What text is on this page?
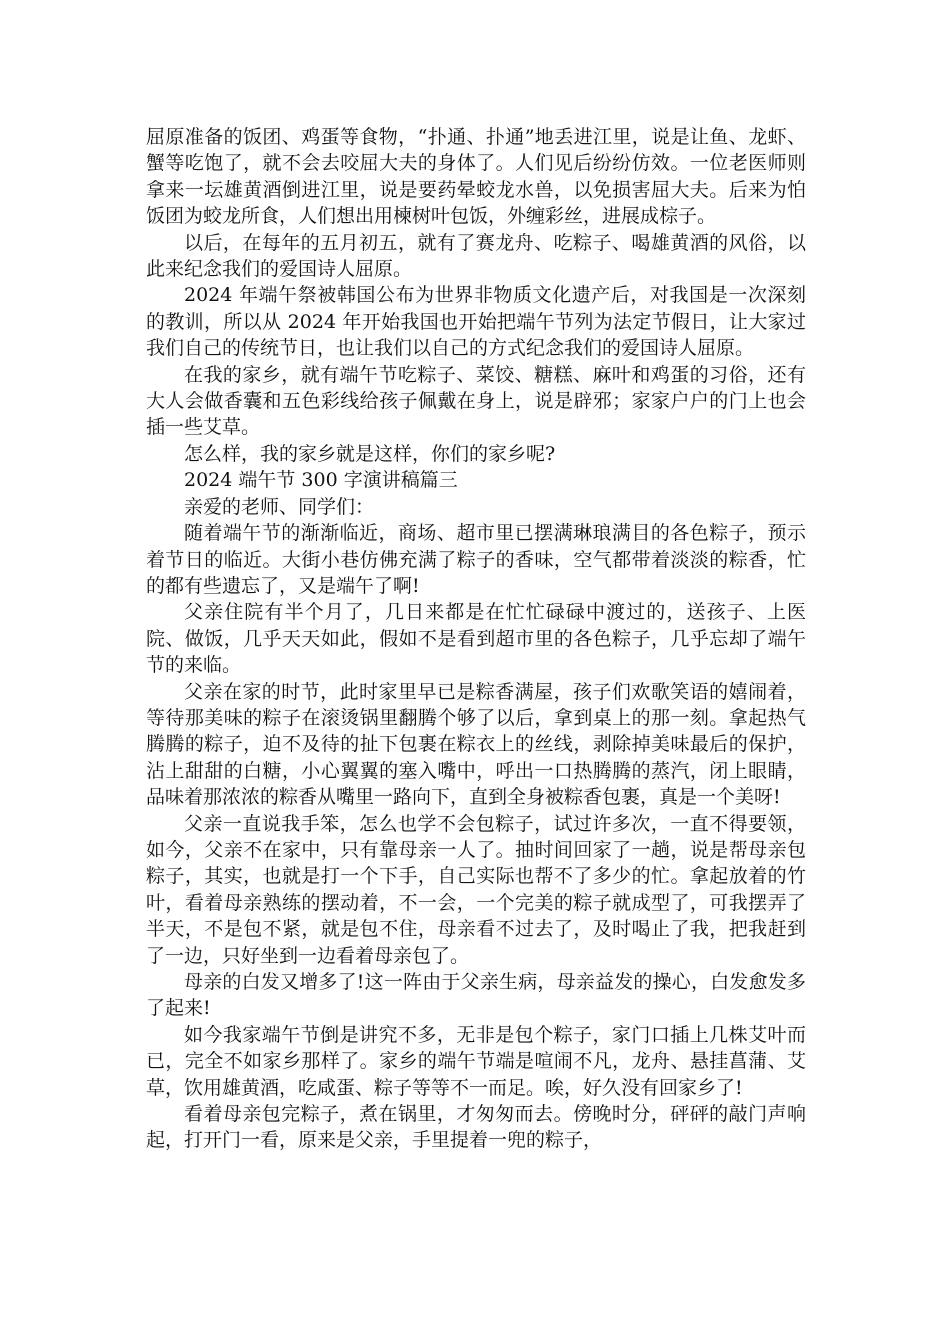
屈原准备的饭团、鸡蛋等食物，“扑通、扑通”地丢进江里，说是让鱼、龙虾、蟹等吃饱了，就不会去咬屈大夫的身体了。人们见后纷纷仿效。一位老医师则拿来一坛雄黄酒倒进江里，说是要药晕蛟龙水兽，以免损害屈大夫。后来为怕饭团为蛟龙所食，人们想出用楝树叶包饭，外缠彩丝，进展成棕子。

以后，在每年的五月初五，就有了赛龙舟、吃粽子、喝雄黄酒的风俗，以此来纪念我们的爱国诗人屈原。

2024 年端午祭被韩国公布为世界非物质文化遗产后，对我国是一次深刻的教训，所以从 2024 年开始我国也开始把端午节列为法定节假日，让大家过我们自己的传统节日，也让我们以自己的方式纪念我们的爱国诗人屈原。

在我的家乡，就有端午节吃粽子、菜饺、糖糕、麻叶和鸡蛋的习俗，还有大人会做香囊和五色彩线给孩子佩戴在身上，说是辟邪；家家户户的门上也会插一些艾草。

怎么样，我的家乡就是这样，你们的家乡呢?

2024 端午节 300 字演讲稿篇三

亲爱的老师、同学们：

随着端午节的渐渐临近，商场、超市里已摆满琳琅满目的各色粽子，预示着节日的临近。大街小巷仿佛充满了粽子的香味，空气都带着淡淡的粽香，忙的都有些遗忘了，又是端午了啊!

父亲住院有半个月了，几日来都是在忙忙碌碌中渡过的，送孩子、上医院、做饭，几乎天天如此，假如不是看到超市里的各色粽子，几乎忘却了端午节的来临。

父亲在家的时节，此时家里早已是粽香满屋，孩子们欢歌笑语的嬉闹着，等待那美味的粽子在滚烫锅里翻腾个够了以后，拿到桌上的那一刻。拿起热气腾腾的粽子，迫不及待的扯下包裹在粽衣上的丝线，剥除掉美味最后的保护，沾上甜甜的白糖，小心翼翼的塞入嘴中，呼出一口热腾腾的蒸汽，闭上眼睛，品味着那浓浓的粽香从嘴里一路向下，直到全身被粽香包裹，真是一个美呀!

父亲一直说我手笨，怎么也学不会包粽子，试过许多次，一直不得要领，如今，父亲不在家中，只有靠母亲一人了。抽时间回家了一趟，说是帮母亲包粽子，其实，也就是打一个下手，自己实际也帮不了多少的忙。拿起放着的竹叶，看着母亲熟练的摆动着，不一会，一个完美的粽子就成型了，可我摆弄了半天，不是包不紧，就是包不住，母亲看不过去了，及时喝止了我，把我赶到了一边，只好坐到一边看着母亲包了。

母亲的白发又增多了!这一阵由于父亲生病，母亲益发的操心，白发愈发多了起来!

如今我家端午节倒是讲究不多，无非是包个粽子，家门口插上几株艾叶而已，完全不如家乡那样了。家乡的端午节端是喧闹不凡，龙舟、悬挂菖蒲、艾草，饮用雄黄酒，吃咸蛋、粽子等等不一而足。唉，好久没有回家乡了!

看着母亲包完粽子，煮在锅里，才匆匆而去。傍晚时分，砰砰的敲门声响起，打开门一看，原来是父亲，手里提着一兜的粽子，
